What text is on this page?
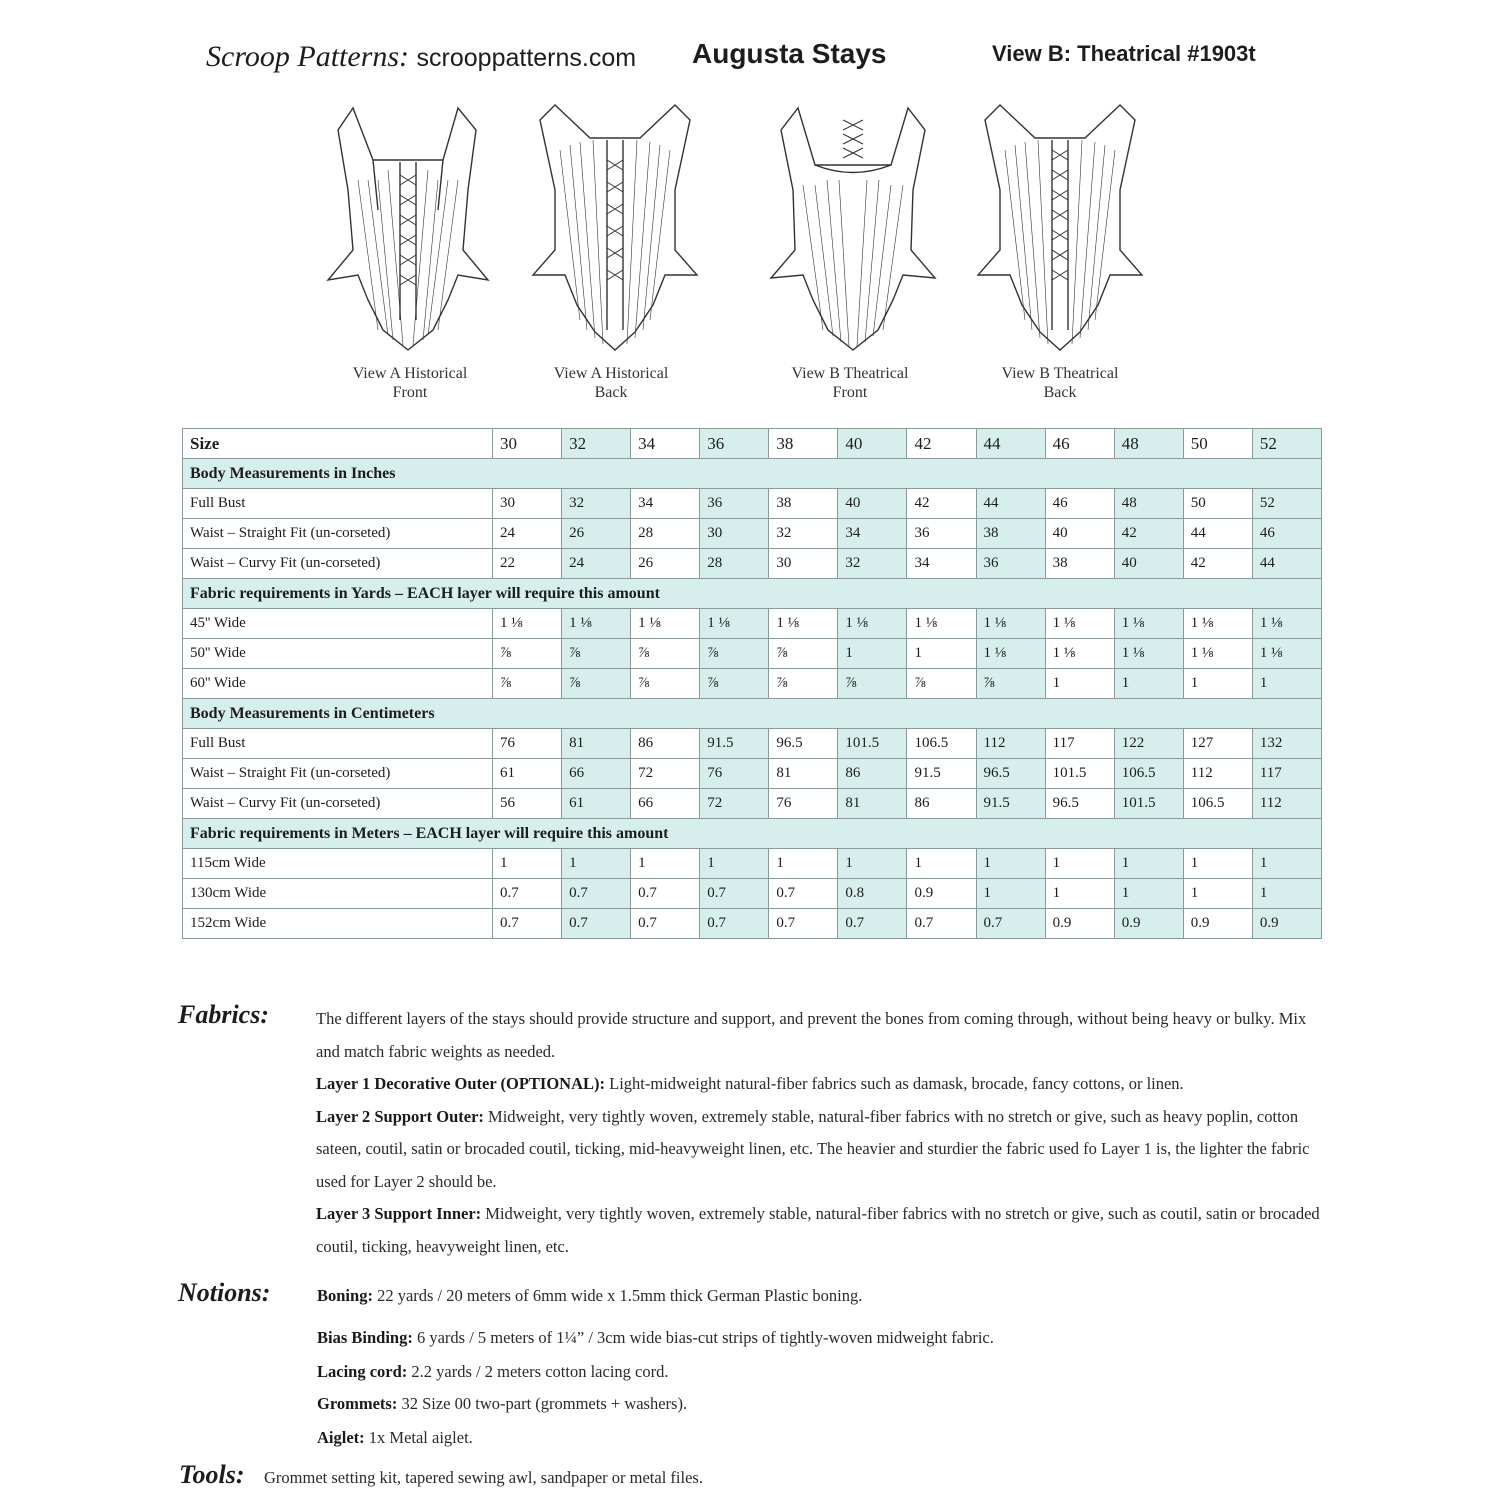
Scroop Patterns: scrooppatterns.com Augusta Stays	View B: Theatrical #1903t
View A Historical
Front
View A Historical
Back
View B Theatrical
Front
View B Theatrical
Back
Size	30	32	34	36	38	40	42	44	46	48	50	52
Body Measurements in Inches												
Full Bust	30	32	34	36	38	40	42	44	46	48	50	52
Waist – Straight Fit (un-corseted)	24	26	28	30	32	34	36	38	40	42	44	46
Waist – Curvy Fit (un-corseted)	22	24	26	28	30	32	34	36	38	40	42	44
Fabric requirements in Yards – EACH layer will require this amount												
45'' Wide	1 ⅛	1 ⅛	1 ⅛	1 ⅛	1 ⅛	1 ⅛	1 ⅛	1 ⅛	1 ⅛	1 ⅛	1 ⅛	1 ⅛
50'' Wide	⅞	⅞	⅞	⅞	⅞	1	1	1 ⅛	1 ⅛	1 ⅛	1 ⅛	1 ⅛
60'' Wide	⅞	⅞	⅞	⅞	⅞	⅞	⅞	⅞	1	1	1	1
Body Measurements in Centimeters												
Full Bust	76	81	86	91.5	96.5	101.5	106.5	112	117	122	127	132
Waist – Straight Fit (un-corseted)	61	66	72	76	81	86	91.5	96.5	101.5	106.5	112	117
Waist – Curvy Fit (un-corseted)	56	61	66	72	76	81	86	91.5	96.5	101.5	106.5	112
Fabric requirements in Meters – EACH layer will require this amount												
115cm Wide	1	1	1	1	1	1	1	1	1	1	1	1
130cm Wide	0.7	0.7	0.7	0.7	0.7	0.8	0.9	1	1	1	1	1
152cm Wide	0.7	0.7	0.7	0.7	0.7	0.7	0.7	0.7	0.9	0.9	0.9	0.9
Fabrics:	The different layers of the stays should provide structure and support, and prevent the bones from coming through, without being heavy or bulky. Mix and match fabric weights as needed.
Layer 1 Decorative Outer (OPTIONAL): Light-midweight natural-fiber fabrics such as damask, brocade, fancy cottons, or linen.
Layer 2 Support Outer: Midweight, very tightly woven, extremely stable, natural-fiber fabrics with no stretch or give, such as heavy poplin, cotton sateen, coutil, satin or brocaded coutil, ticking, mid-heavyweight linen, etc. The heavier and sturdier the fabric used fo Layer 1 is, the lighter the fabric used for Layer 2 should be.
Layer 3 Support Inner: Midweight, very tightly woven, extremely stable, natural-fiber fabrics with no stretch or give, such as coutil, satin or brocaded coutil, ticking, heavyweight linen, etc.
Notions:	Boning: 22 yards / 20 meters of 6mm wide x 1.5mm thick German Plastic boning.
Bias Binding: 6 yards / 5 meters of 1¼” / 3cm wide bias-cut strips of tightly-woven midweight fabric.
Lacing cord: 2.2 yards / 2 meters cotton lacing cord.
Grommets: 32 Size 00 two-part (grommets + washers).
Aiglet: 1x Metal aiglet.
Tools: Grommet setting kit, tapered sewing awl, sandpaper or metal files.
